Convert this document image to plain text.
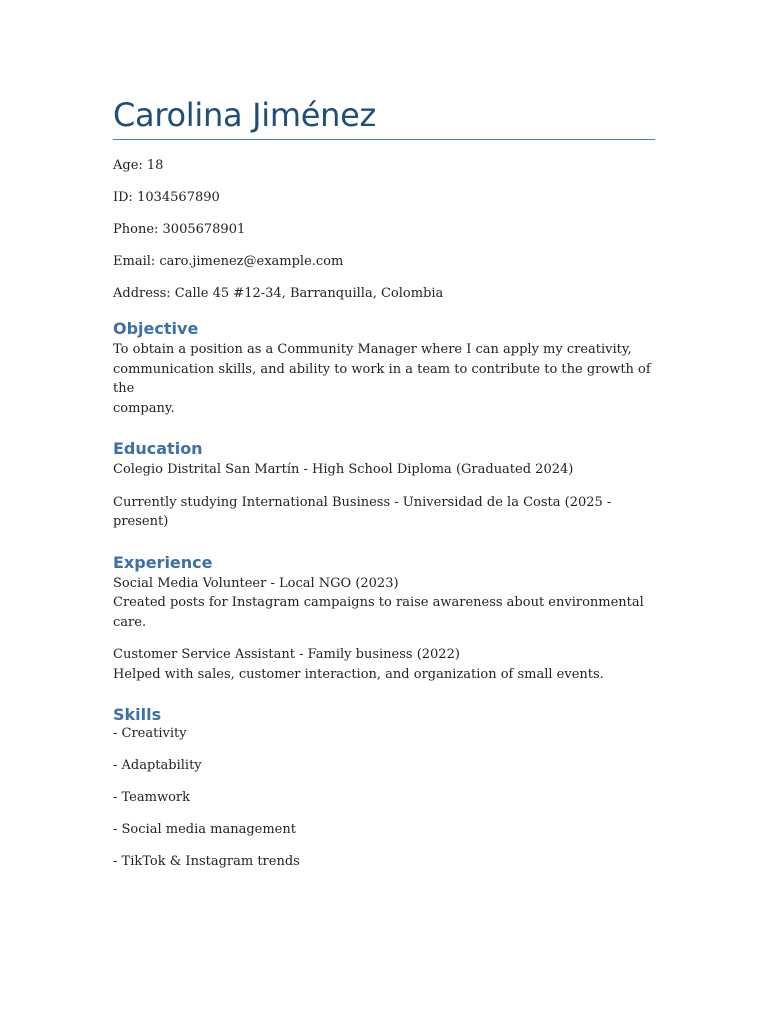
Carolina Jiménez

Age: 18

ID: 1034567890

Phone: 3005678901

Email: caro.jimenez@example.com

Address: Calle 45 #12-34, Barranquilla, Colombia

Objective

To obtain a position as a Community Manager where I can apply my creativity,

communication skills, and ability to work in a team to contribute to the growth of the

company.

Education

Colegio Distrital San Martín - High School Diploma (Graduated 2024)

Currently studying International Business - Universidad de la Costa (2025 - present)

Experience

Social Media Volunteer - Local NGO (2023)

Created posts for Instagram campaigns to raise awareness about environmental care.

Customer Service Assistant - Family business (2022)

Helped with sales, customer interaction, and organization of small events.

Skills

- Creativity

- Adaptability

- Teamwork

- Social media management

- TikTok & Instagram trends
